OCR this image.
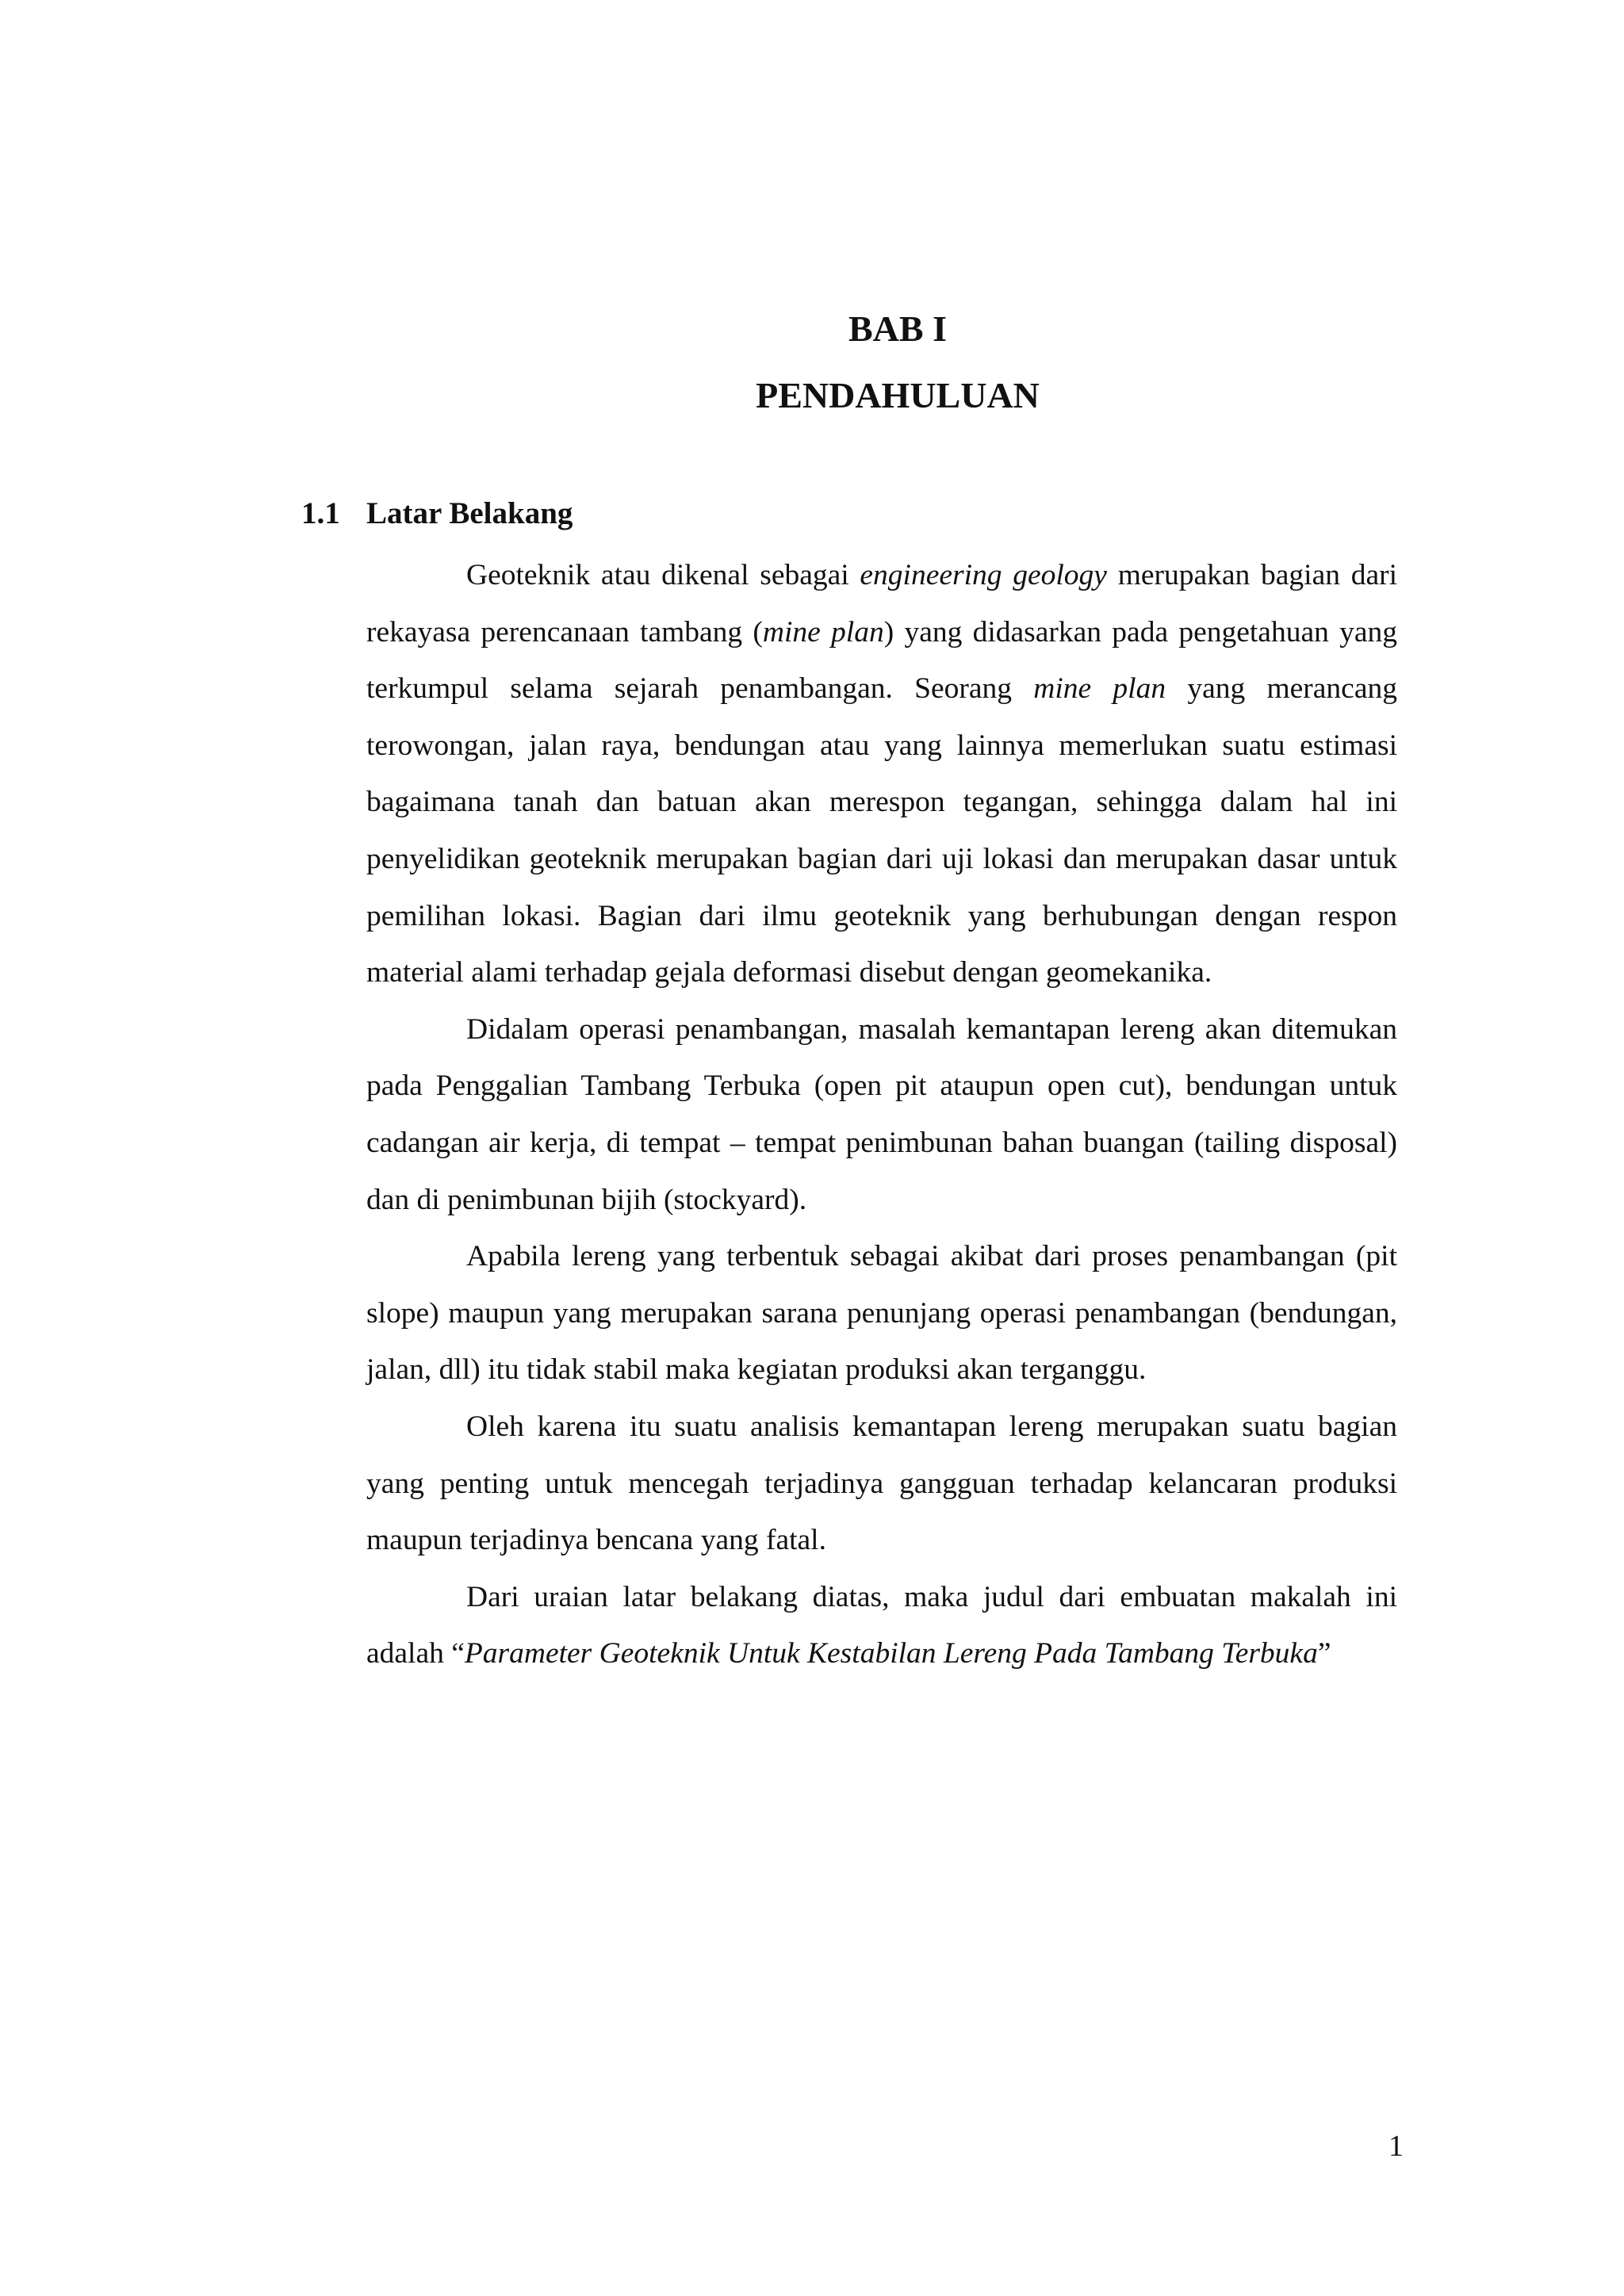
BAB I
PENDAHULUAN
1.1 Latar Belakang

Geoteknik atau dikenal sebagai engineering geology merupakan bagian dari rekayasa perencanaan tambang (mine plan) yang didasarkan pada pengetahuan yang terkumpul selama sejarah penambangan. Seorang mine plan yang merancang terowongan, jalan raya, bendungan atau yang lainnya memerlukan suatu estimasi bagaimana tanah dan batuan akan merespon tegangan, sehingga dalam hal ini penyelidikan geoteknik merupakan bagian dari uji lokasi dan merupakan dasar untuk pemilihan lokasi. Bagian dari ilmu geoteknik yang berhubungan dengan respon material alami terhadap gejala deformasi disebut dengan geomekanika.

Didalam operasi penambangan, masalah kemantapan lereng akan ditemukan pada Penggalian Tambang Terbuka (open pit ataupun open cut), bendungan untuk cadangan air kerja, di tempat – tempat penimbunan bahan buangan (tailing disposal) dan di penimbunan bijih (stockyard).

Apabila lereng yang terbentuk sebagai akibat dari proses penambangan (pit slope) maupun yang merupakan sarana penunjang operasi penambangan (bendungan, jalan, dll) itu tidak stabil maka kegiatan produksi akan terganggu.

Oleh karena itu suatu analisis kemantapan lereng merupakan suatu bagian yang penting untuk mencegah terjadinya gangguan terhadap kelancaran produksi maupun terjadinya bencana yang fatal.

Dari uraian latar belakang diatas, maka judul dari embuatan makalah ini adalah “Parameter Geoteknik Untuk Kestabilan Lereng Pada Tambang Terbuka”

1
